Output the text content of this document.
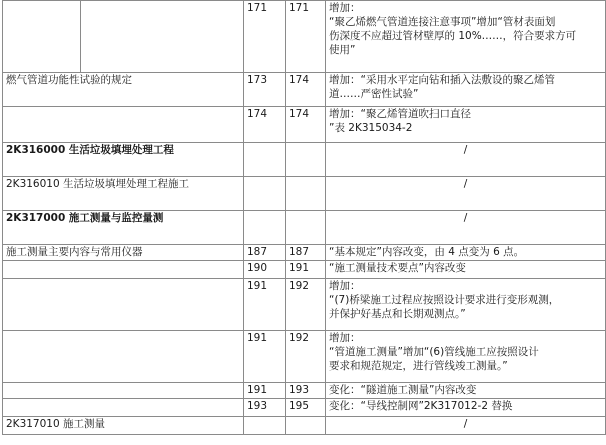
		171	171	增加：
“聚乙烯燃气管道连接注意事项”增加“管材表面划
伤深度不应超过管材壁厚的 10%……，符合要求方可
使用”

燃气管道功能性试验的规定		173	174	增加：“采用水平定向钻和插入法敷设的聚乙烯管
道……严密性试验”

		174	174	增加：“聚乙烯管道吹扫口直径
”表 2K315034-2

2K316000 生活垃圾填埋处理工程				/
2K316010 生活垃圾填埋处理工程施工				/
2K317000 施工测量与监控量测				/
施工测量主要内容与常用仪器		187	187	“基本规定”内容改变，由 4 点变为 6 点。

		190	191	“施工测量技术要点”内容改变

		191	192	增加：
“(7)桥梁施工过程应按照设计要求进行变形观测，
并保护好基点和长期观测点。”

		191	192	增加：
“管道施工测量”增加“(6)管线施工应按照设计
要求和规范规定，进行管线竣工测量。”

		191	193	变化：“隧道施工测量”内容改变

		193	195	变化：“导线控制网”2K317012-2 替换

2K317010 施工测量				/
